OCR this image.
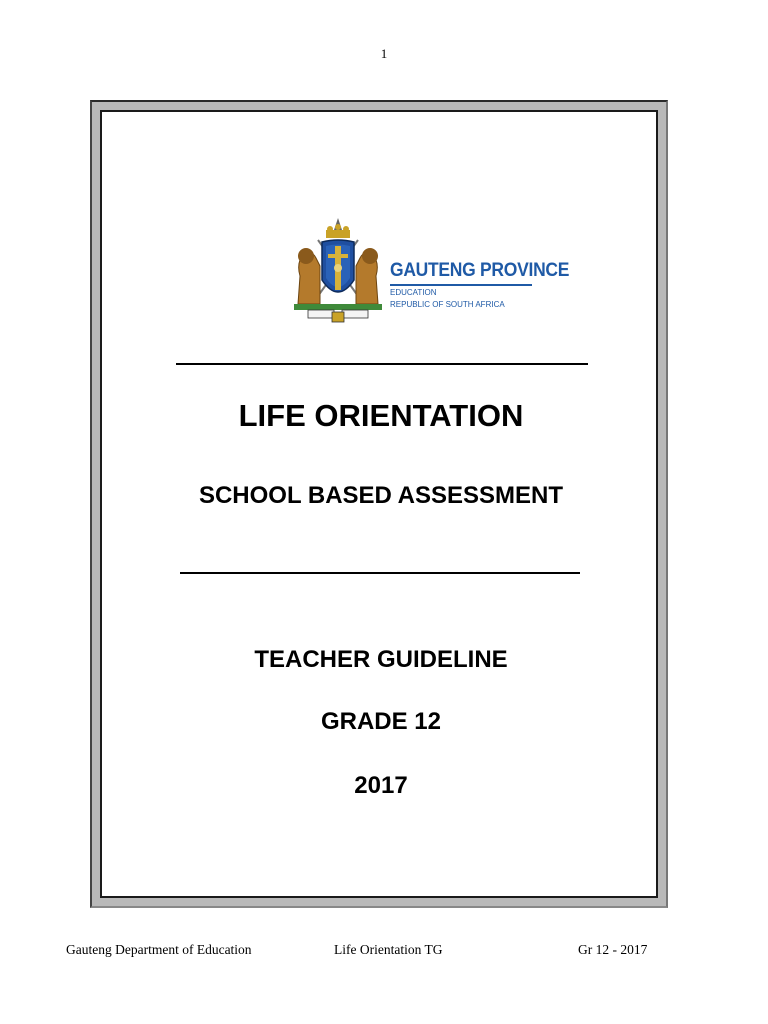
1
GAUTENG PROVINCE
EDUCATION
REPUBLIC OF SOUTH AFRICA
LIFE ORIENTATION
SCHOOL BASED ASSESSMENT
TEACHER GUIDELINE
GRADE 12
2017
Gauteng Department of Education	Life Orientation TG	Gr 12 - 2017
